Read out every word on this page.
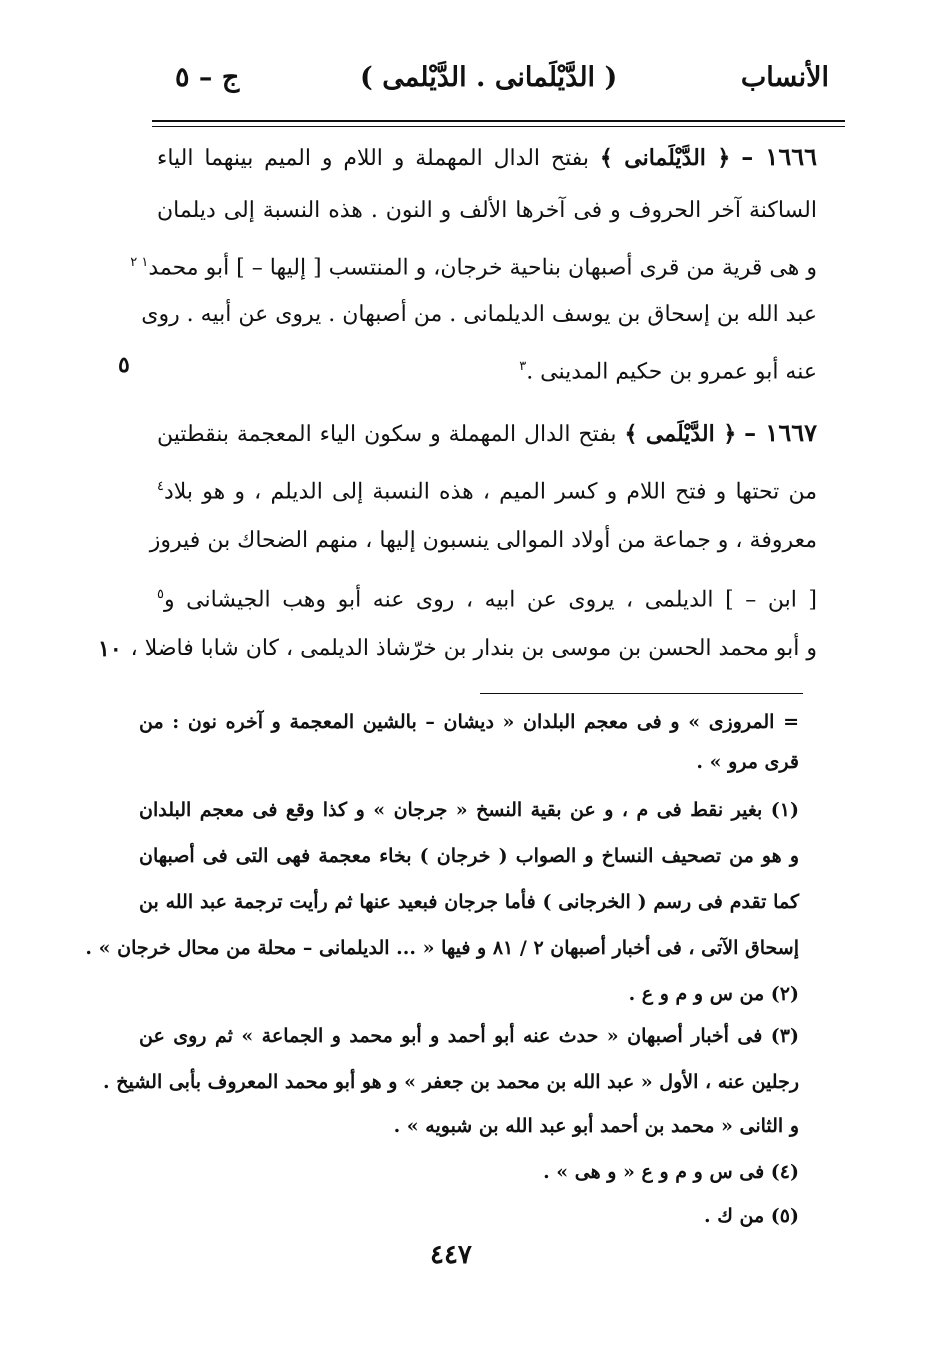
الأنساب
( الدَّيْلَمانى . الدَّيْلمى )
ج – ٥
١٦٦٦ – ﴿ الدَّيْلَمانى ﴾ بفتح الدال المهملة و اللام و الميم بينهما الياء
الساكنة آخر الحروف و فى آخرها الألف و النون . هذه النسبة إلى ديلمان
و هى قرية من قرى أصبهان بناحية خرجان، و المنتسب [ إليها – ] أبو محمد$^{١ ٢}$
عبد الله بن إسحاق بن يوسف الديلمانى . من أصبهان . يروى عن أبيه . روى
عنه أبو عمرو بن حكيم المدينى .$^٣$
١٦٦٧ – ﴿ الدَّيْلَمى ﴾ بفتح الدال المهملة و سكون الياء المعجمة بنقطتين
من تحتها و فتح اللام و كسر الميم ، هذه النسبة إلى الديلم ، و هو بلاد$^٤$
معروفة ، و جماعة من أولاد الموالى ينسبون إليها ، منهم الضحاك بن فيروز
[ ابن – ] الديلمى ، يروى عن ابيه ، روى عنه أبو وهب الجيشانى و$^٥$
و أبو محمد الحسن بن موسى بن بندار بن خرّشاذ الديلمى ، كان شابا فاضلا ،
٥
١٠
= المروزى » و فى معجم البلدان « ديشان – بالشين المعجمة و آخره نون : من
قرى مرو » .
(١) بغير نقط فى م ، و عن بقية النسخ « جرجان » و كذا وقع فى معجم البلدان
و هو من تصحيف النساخ و الصواب ( خرجان ) بخاء معجمة فهى التى فى أصبهان
كما تقدم فى رسم ( الخرجانى ) فأما جرجان فبعيد عنها ثم رأيت ترجمة عبد الله بن
إسحاق الآتى ، فى أخبار أصبهان ٢ / ٨١ و فيها « ... الديلمانى – محلة من محال خرجان » .
(٢) من س و م و ع .
(٣) فى أخبار أصبهان « حدث عنه أبو أحمد و أبو محمد و الجماعة » ثم روى عن
رجلين عنه ، الأول « عبد الله بن محمد بن جعفر » و هو أبو محمد المعروف بأبى الشيخ .
و الثانى « محمد بن أحمد أبو عبد الله بن شبويه » .
(٤) فى س و م و ع « و هى » .
(٥) من ك .
٤٤٧
